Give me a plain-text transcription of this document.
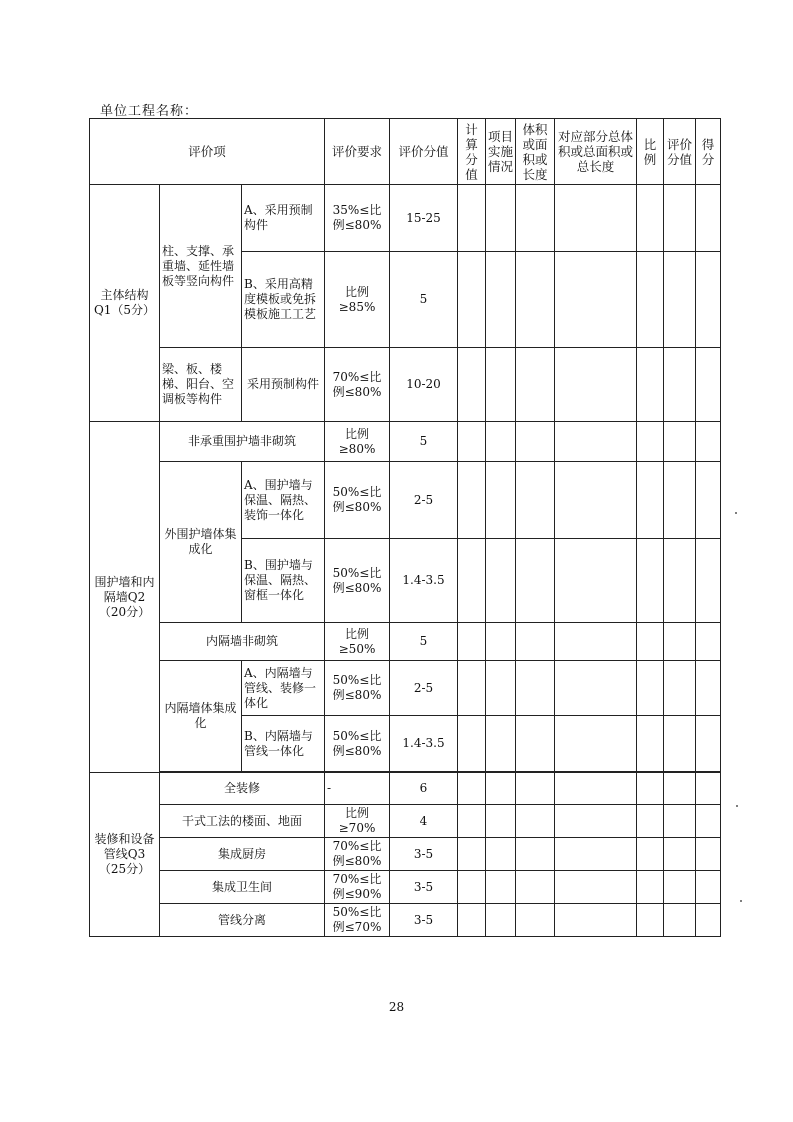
单位工程名称：
评价项			评价要求	评价分值	计算分值	项目实施情况	体积或面积或长度	对应部分总体积或总面积或总长度	比例	评价分值	得分
主体结构Q1（5分）	柱、支撑、承重墙、延性墙板等竖向构件	A、采用预制构件	35%≤比例≤80%	15-25							
		B、采用高精度模板或免拆模板施工工艺	比例≥85%	5							
	梁、板、楼梯、阳台、空调板等构件	采用预制构件	70%≤比例≤80%	10-20							
围护墙和内隔墙Q2（20分）	非承重围护墙非砌筑		比例≥80%	5							
	外围护墙体集成化	A、围护墙与保温、隔热、装饰一体化	50%≤比例≤80%	2-5							
		B、围护墙与保温、隔热、窗框一体化	50%≤比例≤80%	1.4-3.5							
	内隔墙非砌筑		比例≥50%	5							
	内隔墙体集成化	A、内隔墙与管线、装修一体化	50%≤比例≤80%	2-5							
		B、内隔墙与管线一体化	50%≤比例≤80%	1.4-3.5							

装修和设备管线Q3（25分）	全装修		-	6							
	干式工法的楼面、地面		比例≥70%	4							
	集成厨房		70%≤比例≤80%	3-5							
	集成卫生间		70%≤比例≤90%	3-5							
	管线分离		50%≤比例≤70%	3-5							
28
